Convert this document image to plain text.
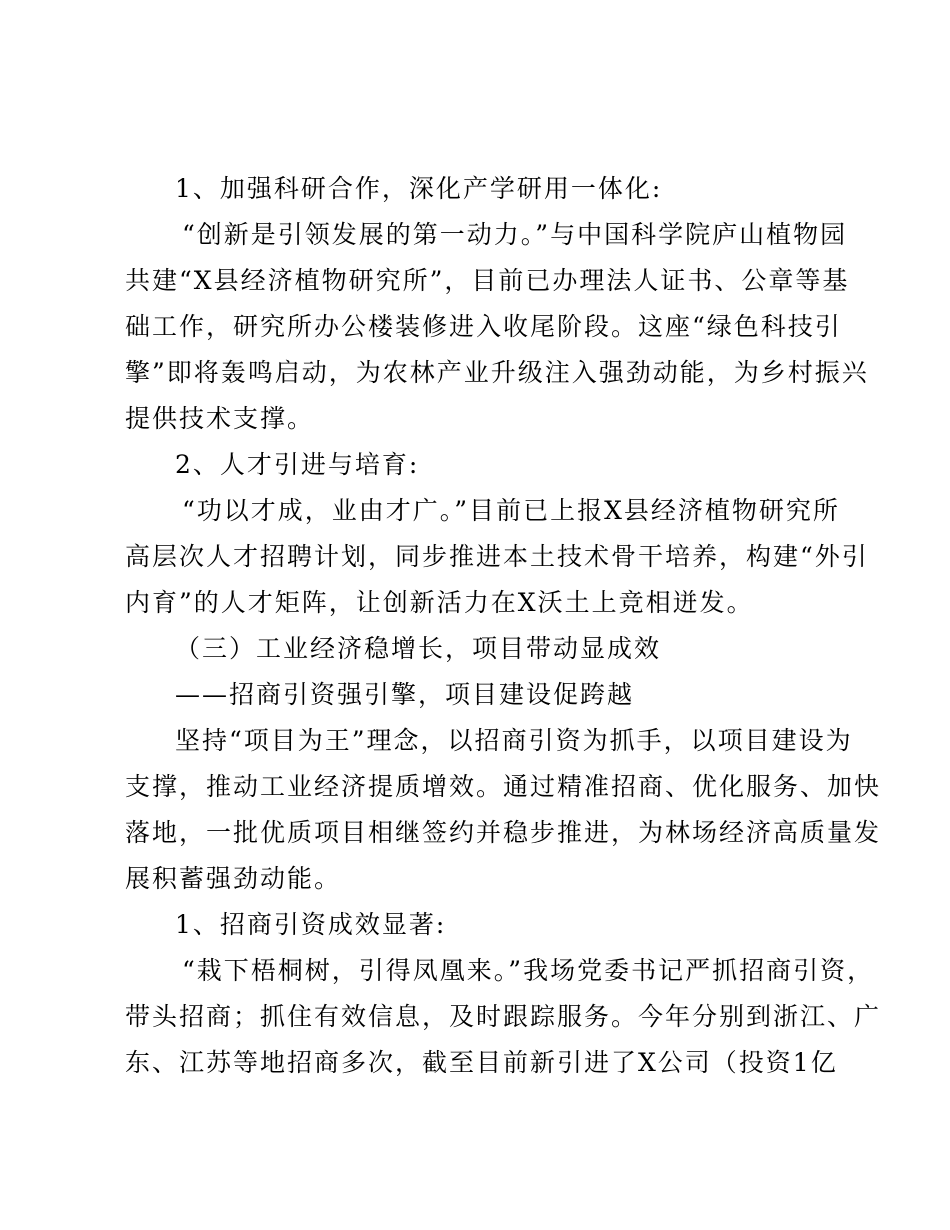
1、加强科研合作，深化产学研用一体化:
“创新是引领发展的第一动力。”与中国科学院庐山植物园
共建“X县经济植物研究所”，目前已办理法人证书、公章等基
础工作，研究所办公楼装修进入收尾阶段。这座“绿色科技引
擎”即将轰鸣启动，为农林产业升级注入强劲动能，为乡村振兴
提供技术支撑。
2、人才引进与培育:
“功以才成，业由才广。”目前已上报X县经济植物研究所
高层次人才招聘计划，同步推进本土技术骨干培养，构建“外引
内育”的人才矩阵，让创新活力在X沃土上竞相迸发。
（三）工业经济稳增长，项目带动显成效
——招商引资强引擎，项目建设促跨越
坚持“项目为王”理念，以招商引资为抓手，以项目建设为
支撑，推动工业经济提质增效。通过精准招商、优化服务、加快
落地，一批优质项目相继签约并稳步推进，为林场经济高质量发
展积蓄强劲动能。
1、招商引资成效显著:
“栽下梧桐树，引得凤凰来。”我场党委书记严抓招商引资，
带头招商；抓住有效信息，及时跟踪服务。今年分别到浙江、广
东、江苏等地招商多次，截至目前新引进了X公司（投资1亿
